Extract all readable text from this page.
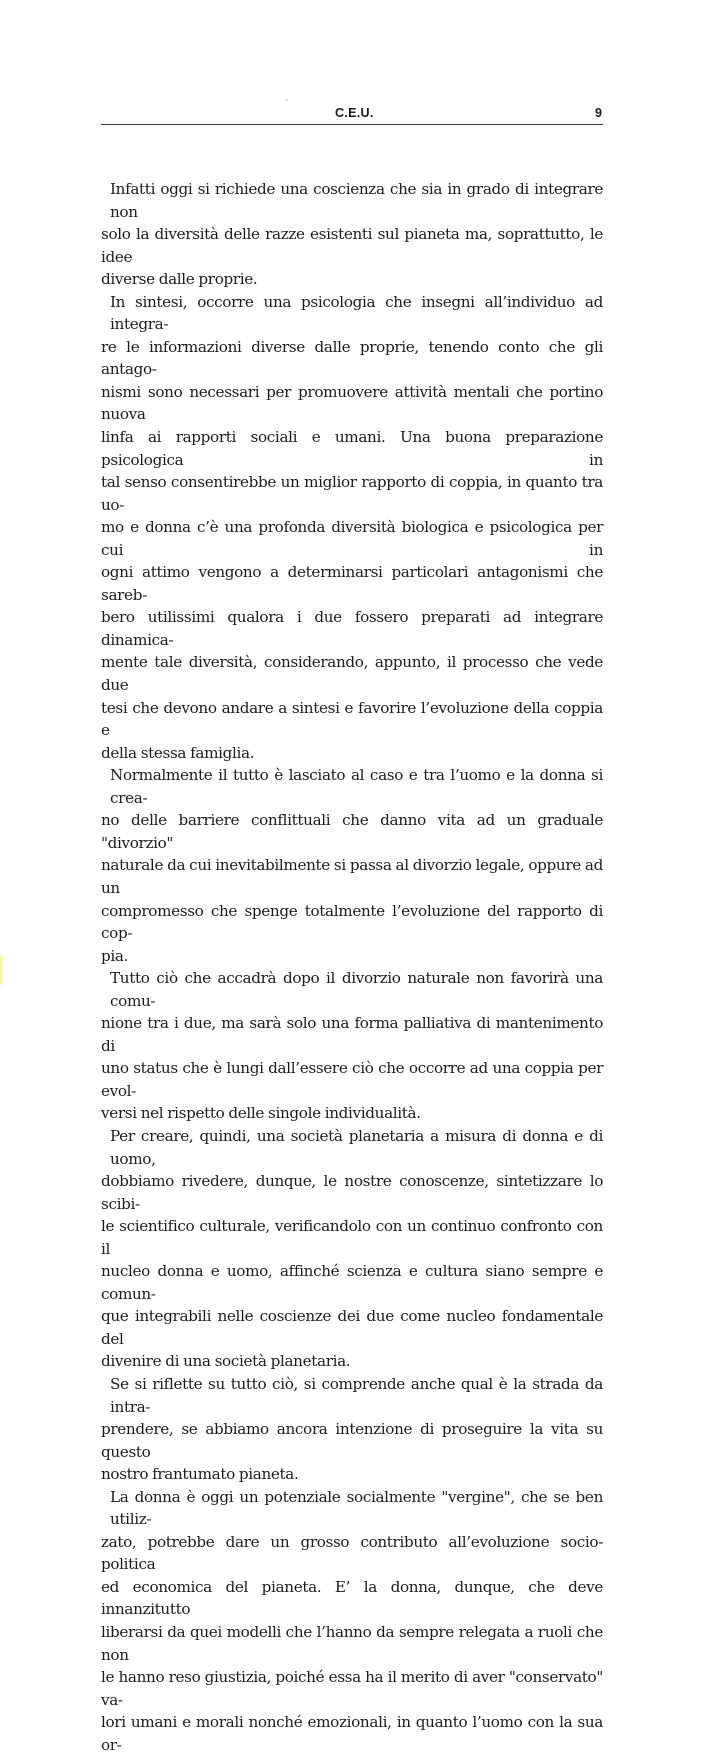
C.E.U.	9
Infatti oggi si richiede una coscienza che sia in grado di integrare non
solo la diversità delle razze esistenti sul pianeta ma, soprattutto, le idee
diverse dalle proprie.
In sintesi, occorre una psicologia che insegni all’individuo ad integra-
re le informazioni diverse dalle proprie, tenendo conto che gli antago-
nismi sono necessari per promuovere attività mentali che portino nuova
linfa ai rapporti sociali e umani. Una buona preparazione psicologica in
tal senso consentirebbe un miglior rapporto di coppia, in quanto tra uo-
mo e donna c’è una profonda diversità biologica e psicologica per cui in
ogni attimo vengono a determinarsi particolari antagonismi che sareb-
bero utilissimi qualora i due fossero preparati ad integrare dinamica-
mente tale diversità, considerando, appunto, il processo che vede due
tesi che devono andare a sintesi e favorire l’evoluzione della coppia e
della stessa famiglia.
Normalmente il tutto è lasciato al caso e tra l’uomo e la donna si crea-
no delle barriere conflittuali che danno vita ad un graduale "divorzio"
naturale da cui inevitabilmente si passa al divorzio legale, oppure ad un
compromesso che spenge totalmente l’evoluzione del rapporto di cop-
pia.
Tutto ciò che accadrà dopo il divorzio naturale non favorirà una comu-
nione tra i due, ma sarà solo una forma palliativa di mantenimento di
uno status che è lungi dall’essere ciò che occorre ad una coppia per evol-
versi nel rispetto delle singole individualità.
Per creare, quindi, una società planetaria a misura di donna e di uomo,
dobbiamo rivedere, dunque, le nostre conoscenze, sintetizzare lo scibi-
le scientifico culturale, verificandolo con un continuo confronto con il
nucleo donna e uomo, affinché scienza e cultura siano sempre e comun-
que integrabili nelle coscienze dei due come nucleo fondamentale del
divenire di una società planetaria.
Se si riflette su tutto ciò, si comprende anche qual è la strada da intra-
prendere, se abbiamo ancora intenzione di proseguire la vita su questo
nostro frantumato pianeta.
La donna è oggi un potenziale socialmente "vergine", che se ben utiliz-
zato, potrebbe dare un grosso contributo all’evoluzione socio-politica
ed economica del pianeta. E’ la donna, dunque, che deve innanzitutto
liberarsi da quei modelli che l’hanno da sempre relegata a ruoli che non
le hanno reso giustizia, poiché essa ha il merito di aver "conservato" va-
lori umani e morali nonché emozionali, in quanto l’uomo con la sua or-
